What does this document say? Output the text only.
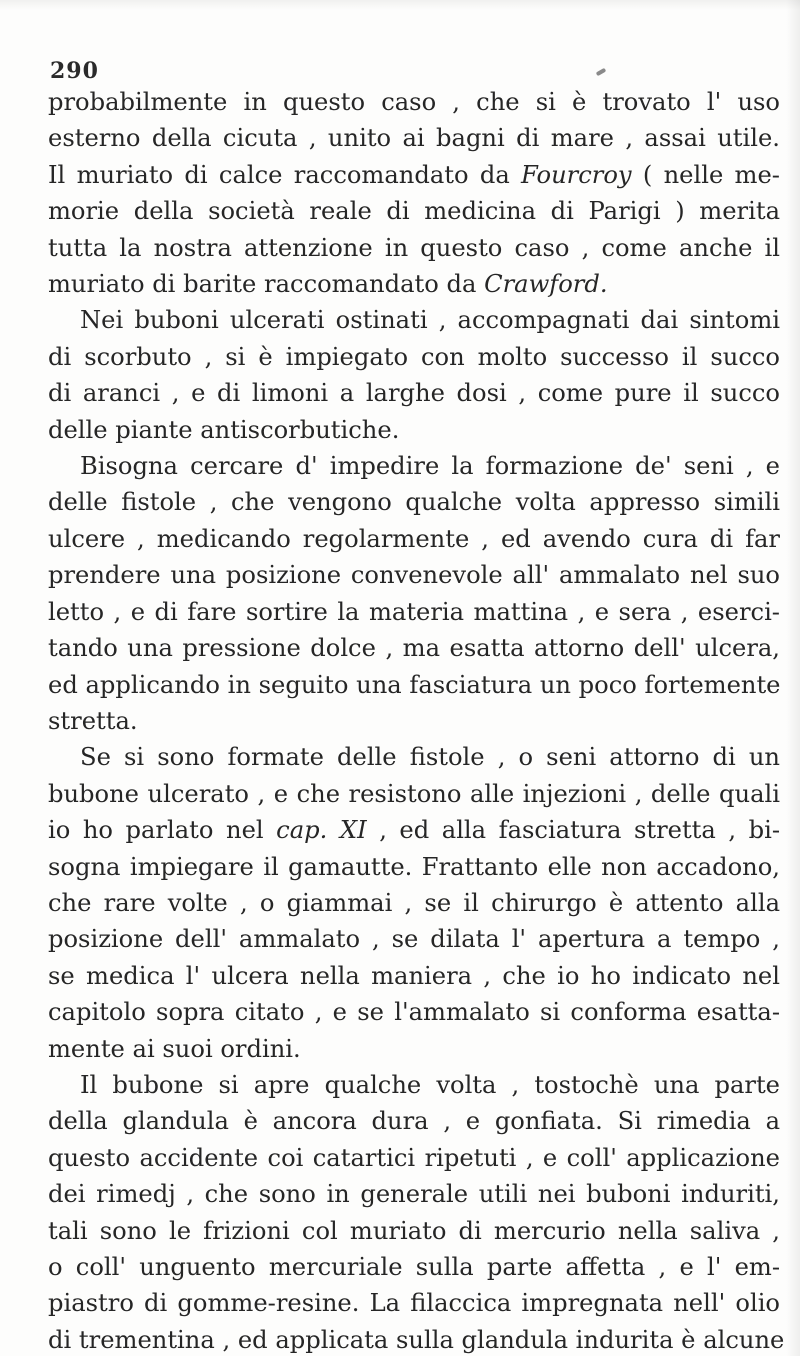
290
probabilmente in questo caso , che si è trovato l' uso
esterno della cicuta , unito ai bagni di mare , assai utile.
Il muriato di calce raccomandato da Fourcroy ( nelle me-
morie della società reale di medicina di Parigi ) merita
tutta la nostra attenzione in questo caso , come anche il
muriato di barite raccomandato da Crawford.
Nei buboni ulcerati ostinati , accompagnati dai sintomi
di scorbuto , si è impiegato con molto successo il succo
di aranci , e di limoni a larghe dosi , come pure il succo
delle piante antiscorbutiche.
Bisogna cercare d' impedire la formazione de' seni , e
delle fistole , che vengono qualche volta appresso simili
ulcere , medicando regolarmente , ed avendo cura di far
prendere una posizione convenevole all' ammalato nel suo
letto , e di fare sortire la materia mattina , e sera , eserci-
tando una pressione dolce , ma esatta attorno dell' ulcera,
ed applicando in seguito una fasciatura un poco fortemente
stretta.
Se si sono formate delle fistole , o seni attorno di un
bubone ulcerato , e che resistono alle injezioni , delle quali
io ho parlato nel cap. XI , ed alla fasciatura stretta , bi-
sogna impiegare il gamautte. Frattanto elle non accadono,
che rare volte , o giammai , se il chirurgo è attento alla
posizione dell' ammalato , se dilata l' apertura a tempo ,
se medica l' ulcera nella maniera , che io ho indicato nel
capitolo sopra citato , e se l'ammalato si conforma esatta-
mente ai suoi ordini.
Il bubone si apre qualche volta , tostochè una parte
della glandula è ancora dura , e gonfiata. Si rimedia a
questo accidente coi catartici ripetuti , e coll' applicazione
dei rimedj , che sono in generale utili nei buboni induriti,
tali sono le frizioni col muriato di mercurio nella saliva ,
o coll' unguento mercuriale sulla parte affetta , e l' em-
piastro di gomme-resine. La filaccica impregnata nell' olio
di trementina , ed applicata sulla glandula indurita è alcune
